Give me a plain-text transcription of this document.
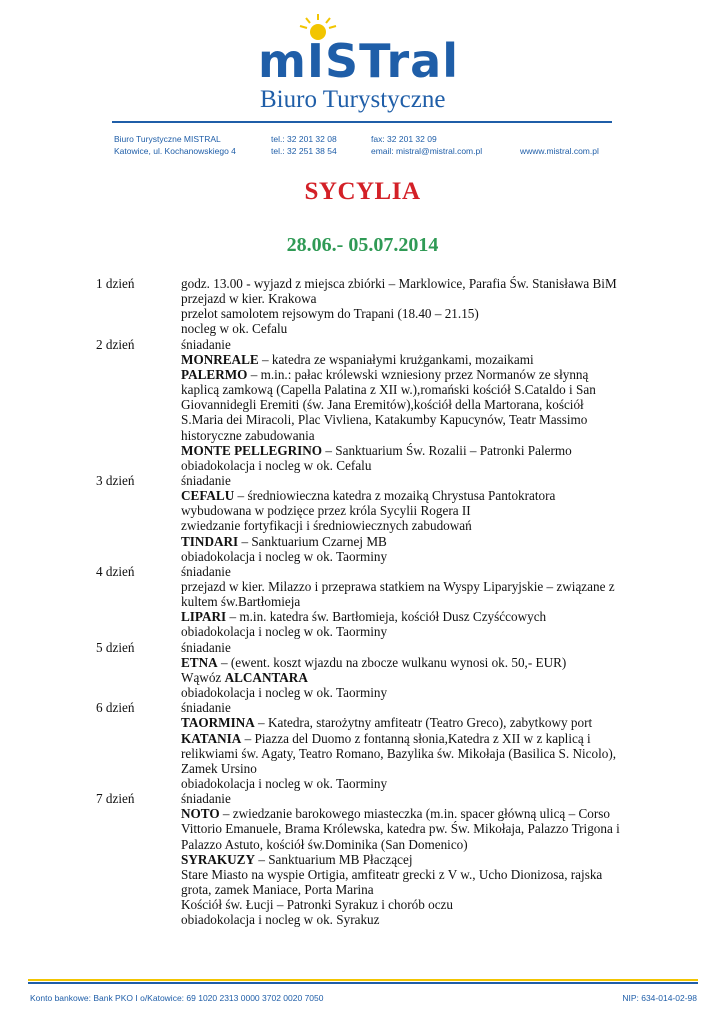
mISTral
Biuro Turystyczne
Biuro Turystyczne MISTRAL
Katowice, ul. Kochanowskiego 4
tel.: 32 201 32 08
tel.: 32 251 38 54
fax: 32 201 32 09
email: mistral@mistral.com.pl	wwww.mistral.com.pl
SYCYLIA
28.06.- 05.07.2014
1 dzień	godz. 13.00 - wyjazd z miejsca zbiórki – Marklowice, Parafia Św. Stanisława BiM
przejazd w kier. Krakowa
przelot samolotem rejsowym do Trapani (18.40 – 21.15)
nocleg w ok. Cefalu
2 dzień	śniadanie
MONREALE – katedra ze wspaniałymi krużgankami, mozaikami
PALERMO – m.in.: pałac królewski wzniesiony przez Normanów ze słynną
kaplicą zamkową (Capella Palatina z XII w.),romański kościół S.Cataldo i San
Giovannidegli Eremiti (św. Jana Eremitów),kościół della Martorana, kościół
S.Maria dei Miracoli, Plac Vivliena, Katakumby Kapucynów, Teatr Massimo
historyczne zabudowania
MONTE PELLEGRINO – Sanktuarium Św. Rozalii – Patronki Palermo
obiadokolacja i nocleg w ok. Cefalu
3 dzień	śniadanie
CEFALU – średniowieczna katedra z mozaiką Chrystusa Pantokratora
wybudowana w podzięce przez króla Sycylii Rogera II
zwiedzanie fortyfikacji i średniowiecznych zabudowań
TINDARI – Sanktuarium Czarnej MB
obiadokolacja i nocleg w ok. Taorminy
4 dzień	śniadanie
przejazd w kier. Milazzo i przeprawa statkiem na Wyspy Liparyjskie – związane z
kultem św.Bartłomieja
LIPARI – m.in. katedra św. Bartłomieja, kościół Dusz Czyśćcowych
obiadokolacja i nocleg w ok. Taorminy
5 dzień	śniadanie
ETNA – (ewent. koszt wjazdu na zbocze wulkanu wynosi ok. 50,- EUR)
Wąwóz ALCANTARA
obiadokolacja i nocleg w ok. Taorminy
6 dzień	śniadanie
TAORMINA – Katedra, starożytny amfiteatr (Teatro Greco), zabytkowy port
KATANIA – Piazza del Duomo z fontanną słonia,Katedra z XII w z kaplicą i
relikwiami św. Agaty, Teatro Romano, Bazylika św. Mikołaja (Basilica S. Nicolo),
Zamek Ursino
obiadokolacja i nocleg w ok. Taorminy
7 dzień	śniadanie
NOTO – zwiedzanie barokowego miasteczka (m.in. spacer główną ulicą – Corso
Vittorio Emanuele, Brama Królewska, katedra pw. Św. Mikołaja, Palazzo Trigona i
Palazzo Astuto, kościół św.Dominika (San Domenico)
SYRAKUZY – Sanktuarium MB Płaczącej
Stare Miasto na wyspie Ortigia, amfiteatr grecki z V w., Ucho Dionizosa, rajska
grota, zamek Maniace, Porta Marina
Kościół św. Łucji – Patronki Syrakuz i chorób oczu
obiadokolacja i nocleg w ok. Syrakuz
Konto bankowe: Bank PKO I o/Katowice: 69 1020 2313 0000 3702 0020 7050	NIP: 634-014-02-98
